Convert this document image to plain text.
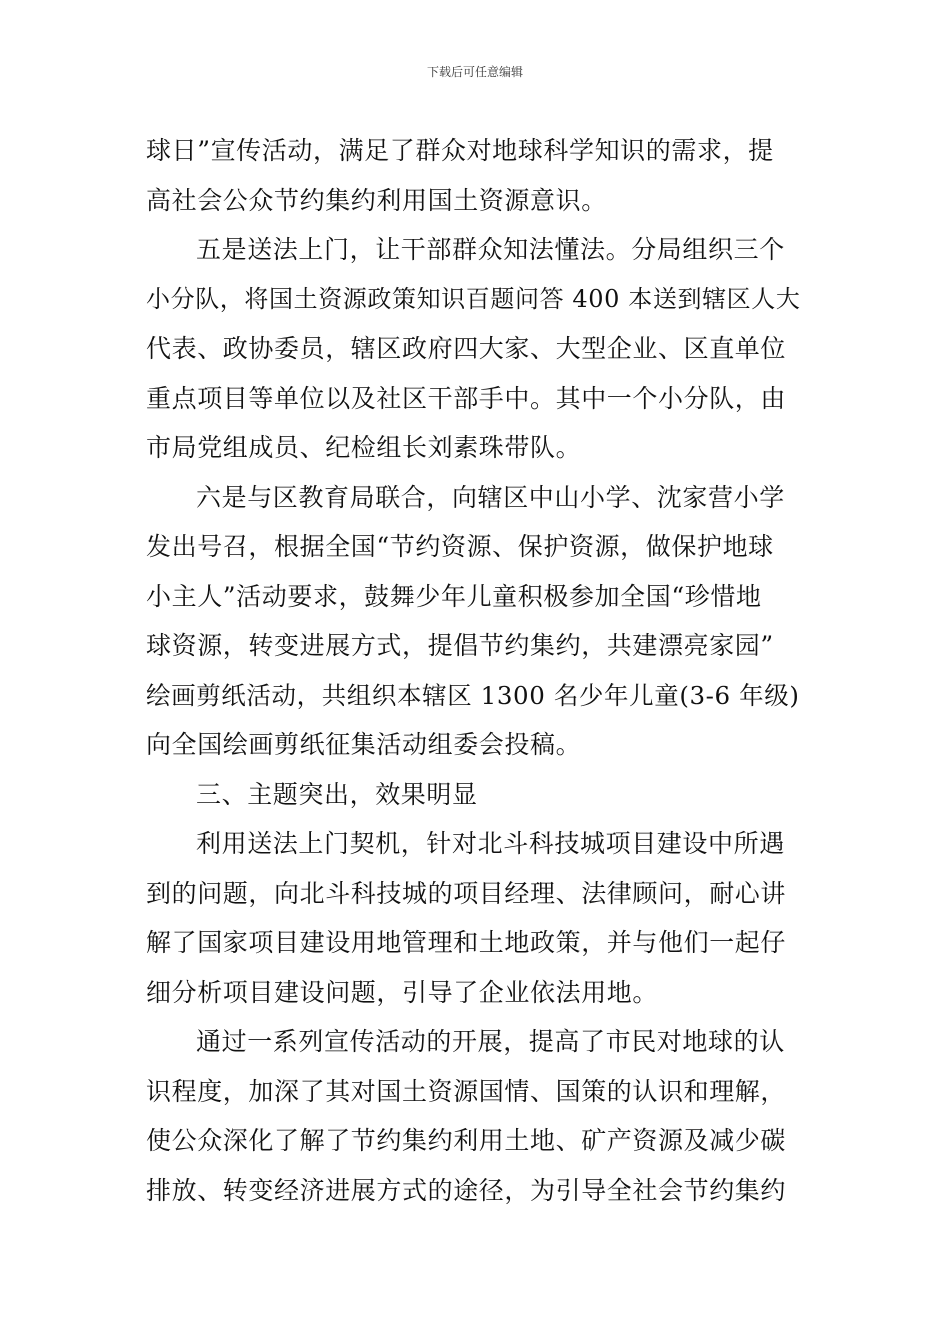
下载后可任意编辑
球日”宣传活动，满足了群众对地球科学知识的需求，提
高社会公众节约集约利用国土资源意识。
五是送法上门，让干部群众知法懂法。分局组织三个
小分队，将国土资源政策知识百题问答 400 本送到辖区人大
代表、政协委员，辖区政府四大家、大型企业、区直单位
重点项目等单位以及社区干部手中。其中一个小分队，由
市局党组成员、纪检组长刘素珠带队。
六是与区教育局联合，向辖区中山小学、沈家营小学
发出号召，根据全国“节约资源、保护资源，做保护地球
小主人”活动要求，鼓舞少年儿童积极参加全国“珍惜地
球资源，转变进展方式，提倡节约集约，共建漂亮家园”
绘画剪纸活动，共组织本辖区 1300 名少年儿童(3-6 年级)
向全国绘画剪纸征集活动组委会投稿。
三、主题突出，效果明显
利用送法上门契机，针对北斗科技城项目建设中所遇
到的问题，向北斗科技城的项目经理、法律顾问，耐心讲
解了国家项目建设用地管理和土地政策，并与他们一起仔
细分析项目建设问题，引导了企业依法用地。
通过一系列宣传活动的开展，提高了市民对地球的认
识程度，加深了其对国土资源国情、国策的认识和理解，
使公众深化了解了节约集约利用土地、矿产资源及减少碳
排放、转变经济进展方式的途径，为引导全社会节约集约
